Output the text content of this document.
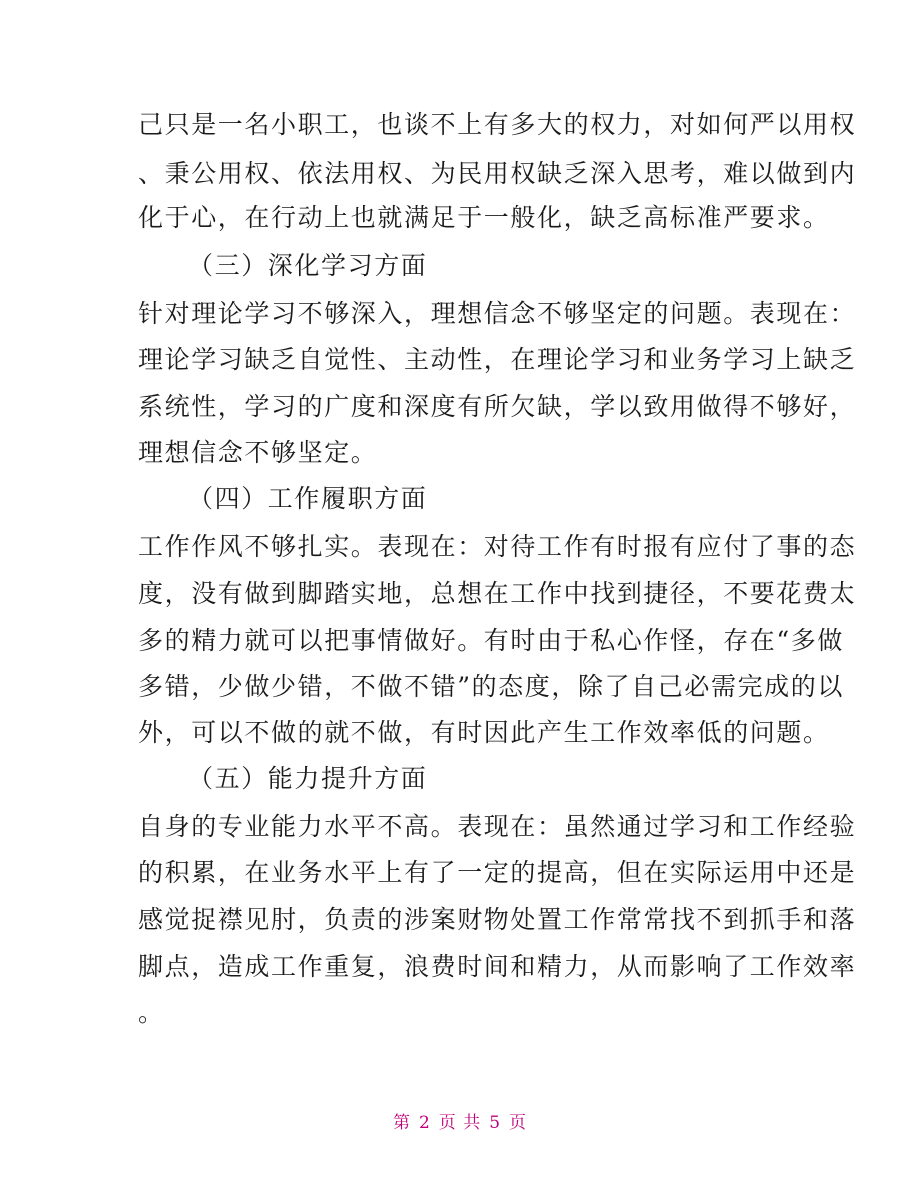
己只是一名小职工，也谈不上有多大的权力，对如何严以用权
、秉公用权、依法用权、为民用权缺乏深入思考，难以做到内
化于心，在行动上也就满足于一般化，缺乏高标准严要求。
（三）深化学习方面
针对理论学习不够深入，理想信念不够坚定的问题。表现在：
理论学习缺乏自觉性、主动性，在理论学习和业务学习上缺乏
系统性，学习的广度和深度有所欠缺，学以致用做得不够好，
理想信念不够坚定。
（四）工作履职方面
工作作风不够扎实。表现在：对待工作有时报有应付了事的态
度，没有做到脚踏实地，总想在工作中找到捷径，不要花费太
多的精力就可以把事情做好。有时由于私心作怪，存在“多做
多错，少做少错，不做不错”的态度，除了自己必需完成的以
外，可以不做的就不做，有时因此产生工作效率低的问题。
（五）能力提升方面
自身的专业能力水平不高。表现在：虽然通过学习和工作经验
的积累，在业务水平上有了一定的提高，但在实际运用中还是
感觉捉襟见肘，负责的涉案财物处置工作常常找不到抓手和落
脚点，造成工作重复，浪费时间和精力，从而影响了工作效率
。
第 2 页 共 5 页
